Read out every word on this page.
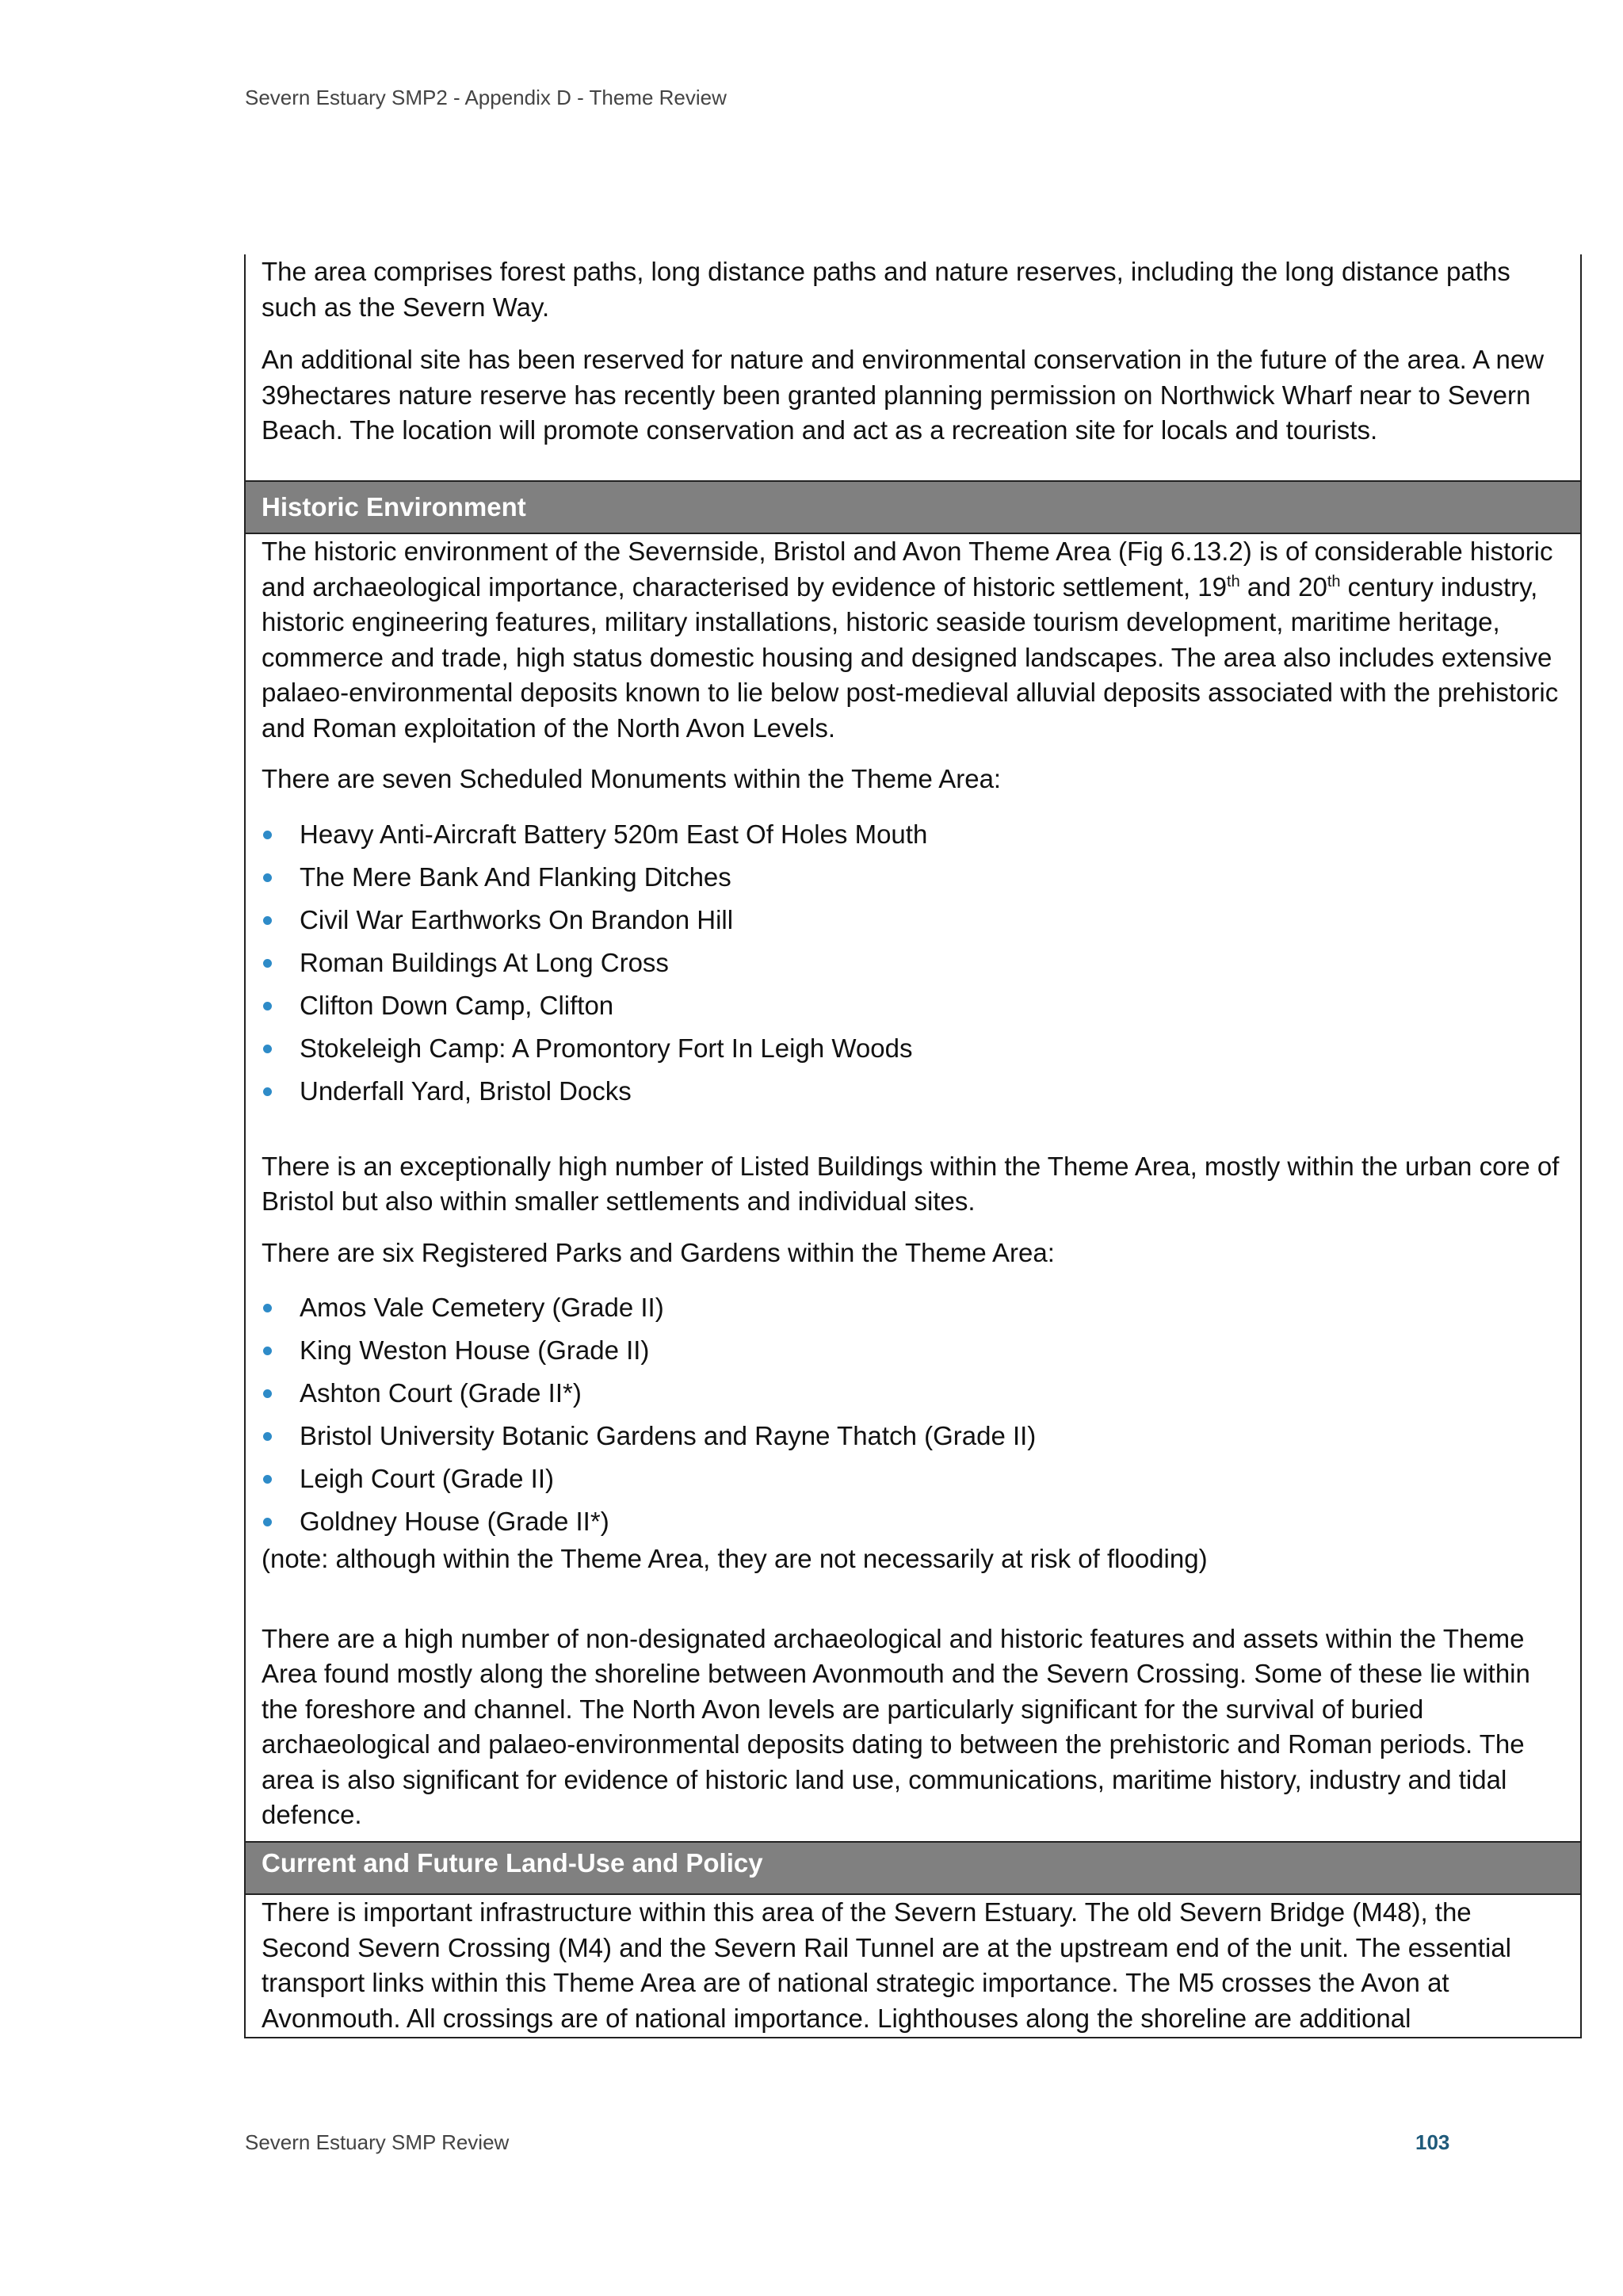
Severn Estuary SMP2 - Appendix D - Theme Review

The area comprises forest paths, long distance paths and nature reserves, including the long distance paths such as the Severn Way.

An additional site has been reserved for nature and environmental conservation in the future of the area. A new 39hectares nature reserve has recently been granted planning permission on Northwick Wharf near to Severn Beach. The location will promote conservation and act as a recreation site for locals and tourists.

Historic Environment

The historic environment of the Severnside, Bristol and Avon Theme Area (Fig 6.13.2) is of considerable historic and archaeological importance, characterised by evidence of historic settlement, 19th and 20th century industry, historic engineering features, military installations, historic seaside tourism development, maritime heritage, commerce and trade, high status domestic housing and designed landscapes. The area also includes extensive palaeo-environmental deposits known to lie below post-medieval alluvial deposits associated with the prehistoric and Roman exploitation of the North Avon Levels.

There are seven Scheduled Monuments within the Theme Area:

Heavy Anti-Aircraft Battery 520m East Of Holes Mouth
The Mere Bank And Flanking Ditches
Civil War Earthworks On Brandon Hill
Roman Buildings At Long Cross
Clifton Down Camp, Clifton
Stokeleigh Camp: A Promontory Fort In Leigh Woods
Underfall Yard, Bristol Docks

There is an exceptionally high number of Listed Buildings within the Theme Area, mostly within the urban core of Bristol but also within smaller settlements and individual sites.

There are six Registered Parks and Gardens within the Theme Area:

Amos Vale Cemetery (Grade II)
King Weston House (Grade II)
Ashton Court (Grade II*)
Bristol University Botanic Gardens and Rayne Thatch (Grade II)
Leigh Court (Grade II)
Goldney House (Grade II*)

(note: although within the Theme Area, they are not necessarily at risk of flooding)

There are a high number of non-designated archaeological and historic features and assets within the Theme Area found mostly along the shoreline between Avonmouth and the Severn Crossing. Some of these lie within the foreshore and channel. The North Avon levels are particularly significant for the survival of buried archaeological and palaeo-environmental deposits dating to between the prehistoric and Roman periods. The area is also significant for evidence of historic land use, communications, maritime history, industry and tidal defence.

Current and Future Land-Use and Policy

There is important infrastructure within this area of the Severn Estuary. The old Severn Bridge (M48), the Second Severn Crossing (M4) and the Severn Rail Tunnel are at the upstream end of the unit. The essential transport links within this Theme Area are of national strategic importance. The M5 crosses the Avon at Avonmouth. All crossings are of national importance. Lighthouses along the shoreline are additional

Severn Estuary SMP Review	103
